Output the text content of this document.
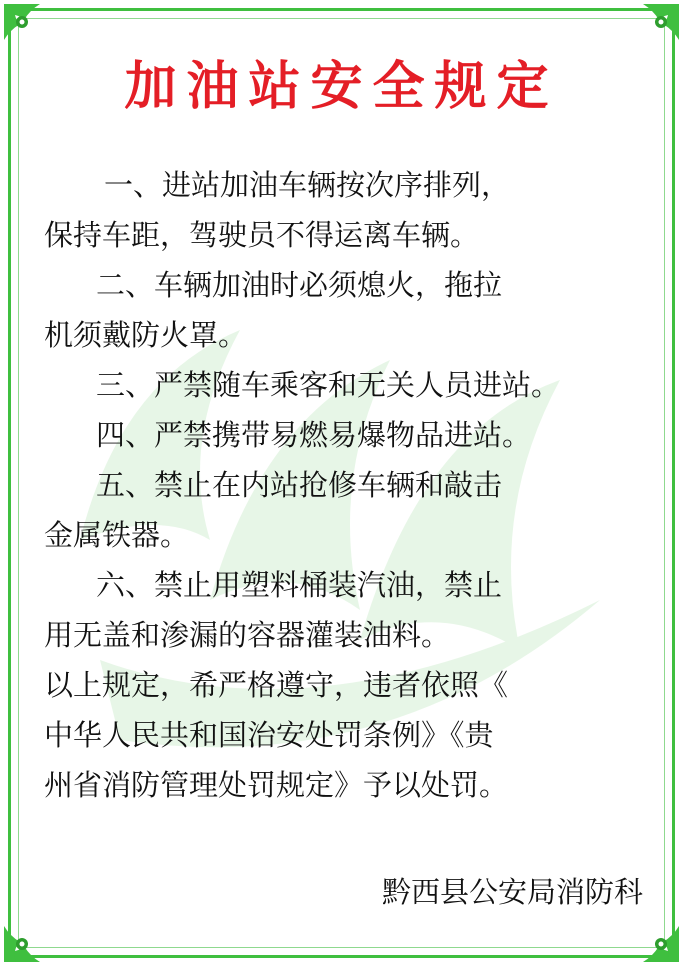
加油站安全规定

一、进站加油车辆按次序排列，

保持车距，驾驶员不得运离车辆。

二、车辆加油时必须熄火，拖拉

机须戴防火罩。

三、严禁随车乘客和无关人员进站。

四、严禁携带易燃易爆物品进站。

五、禁止在内站抢修车辆和敲击

金属铁器。

六、禁止用塑料桶装汽油，禁止

用无盖和渗漏的容器灌装油料。

以上规定，希严格遵守，违者依照《

中华人民共和国治安处罚条例》《贵

州省消防管理处罚规定》予以处罚。

黔西县公安局消防科
